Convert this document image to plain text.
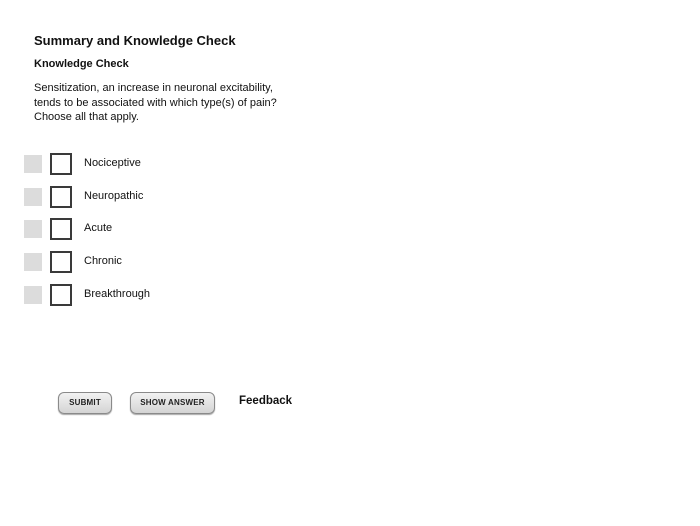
Summary and Knowledge Check
Knowledge Check

Sensitization, an increase in neuronal excitability,

tends to be associated with which type(s) of pain?

Choose all that apply.

Nociceptive
Neuropathic
Acute
Chronic
Breakthrough
SUBMIT	SHOW ANSWER	Feedback
